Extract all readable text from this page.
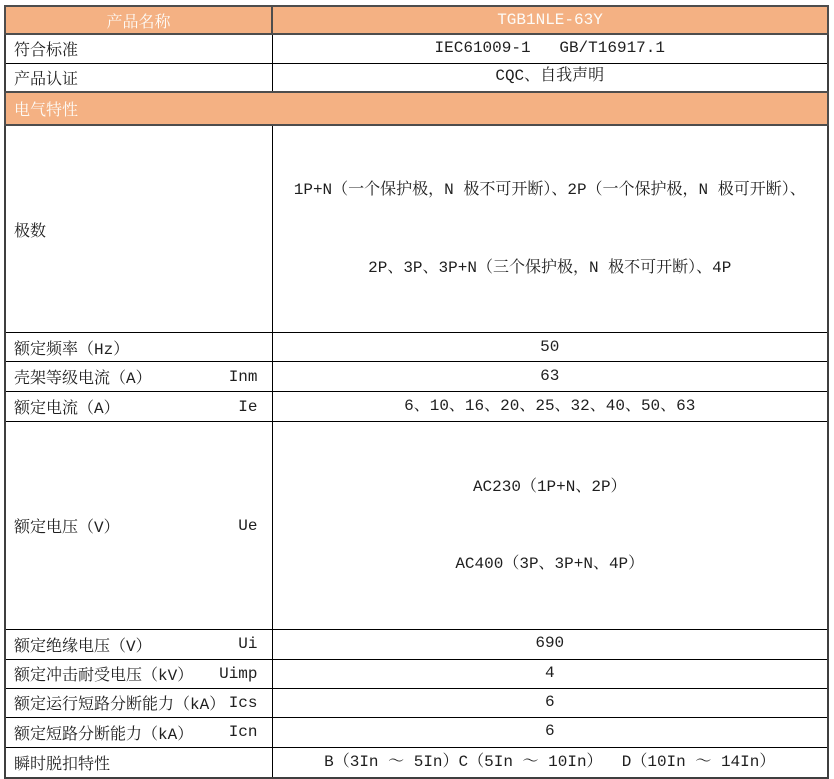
产品名称	TGB1NLE-63Y
符合标准	IEC61009-1   GB/T16917.1
产品认证	CQC、自我声明
电气特性	
极数	1P+N（一个保护极，N 极不可开断）、2P（一个保护极，N 极可开断）、

2P、3P、3P+N（三个保护极，N 极不可开断）、4P

额定频率（Hz）	50

壳架等级电流（A） Inm	63

额定电流（A） Ie	6、10、16、20、25、32、40、50、63

额定电压（V） Ue	AC230（1P+N、2P）

AC400（3P、3P+N、4P）

额定绝缘电压（V） Ui	690

额定冲击耐受电压（kV） Uimp	4

额定运行短路分断能力（kA） Ics	6

额定短路分断能力（kA） Icn	6
瞬时脱扣特性	B（3In ～ 5In）C（5In ～ 10In）  D（10In ～ 14In）
